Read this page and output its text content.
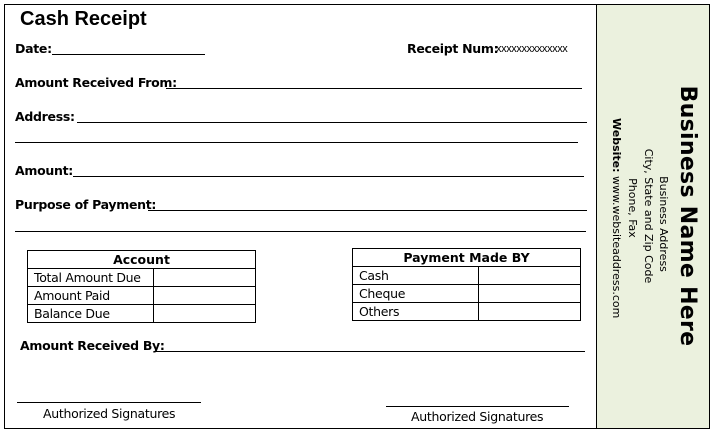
Cash Receipt
Date:	Receipt Num:
xxxxxxxxxxxxxx
Amount Received From:
Address:
Amount:
Purpose of Payment:
Account	
Total Amount Due	
Amount Paid	
Balance Due	
Payment Made BY	
Cash	
Cheque	
Others	
Amount Received By:
Authorized Signatures	Authorized Signatures
Business Name Here
Business Address
City, State and Zip Code
Phone, Fax
Website: www.websiteaddress.com
